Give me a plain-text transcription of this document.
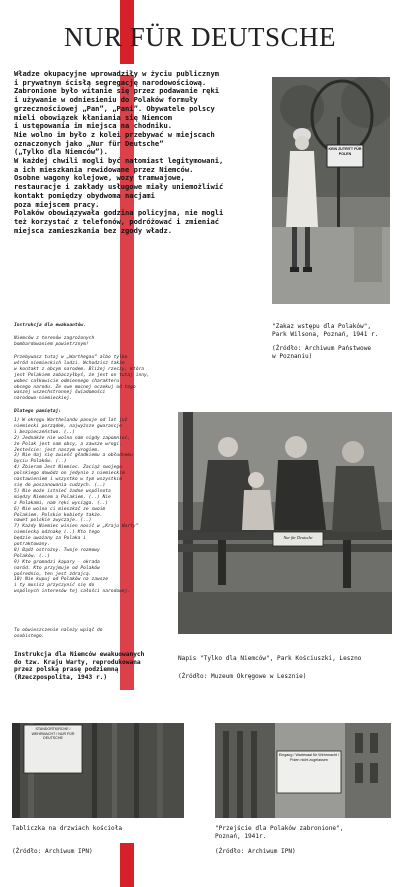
NUR FÜR DEUTSCHE
Władze okupacyjne wprowadziły w życiu publicznym
i prywatnym ścisłą segregację narodowościową.
Zabronione było witanie się przez podawanie ręki
i używanie w odniesieniu do Polaków formuły
grzecznościowej „Pan”, „Pani”. Obywatele polscy
mieli obowiązek kłaniania się Niemcom
i ustępowania im miejsca na chodniku.
Nie wolno im było z kolei przebywać w miejscach
oznaczonych jako „Nur für Deutsche”
(„Tylko dla Niemców”).
W każdej chwili mogli być natomiast legitymowani,
a ich mieszkania rewidowane przez Niemców.
Osobne wagony kolejowe, wozy tramwajowe,
restauracje i zakłady usługowe miały uniemożliwić
kontakt pomiędzy obydwoma nacjami
poza miejscem pracy.
Polaków obowiązywała godzina policyjna, nie mogli
też korzystać z telefonów, podróżować i zmieniać
miejsca zamieszkania bez zgody władz.
KEIN ZUTRITT FÜR POLEN
"Zakaz wstępu dla Polaków",
Park Wilsona, Poznań, 1941 r.
(Źródło: Archiwum Państwowe
w Poznaniu)
Instrukcja dla ewakuantów.
Niemców z terenów zagrożonych
bombardowaniem powietrznym!
Przebywasz tutaj w „Warthegau” albo tylko
wśród niemieckich ludzi. Wchodzisz także
w kontakt z obcym narodem. Bliżej rzeczy, która
jest Polakiem zobaczyłbyś, że jest on tutaj inny,
wobec całkowicie odmiennego charakteru
obcego narodu. Ze swe mocnej oczekuj od tego
waszej wszechstronnej świadomości
narodowo-niemieckiej.
Dlatego pamiętaj:
1) W okręgu Warthelandu panuje od lat już
niemiecki porządek, najwyższe gwarancje
i bezpieczeństwo. (..)
2) Jednakże nie wolno nam nigdy zapomnieć,
że Polak jest nam obcy, a zawsze wrogi.
Jesteście: jest naszym wrogiem.
3) Nie daj się zwieść gładkiemu a obłudnemu
byciu Polaków. (..)
4) Zbieram Jest Niemiec. Zaciąż swojego
polskiego dowódz on jedynie z niemieckim
nastawieniem i wszystko w tym wszystkim
się do poszanowania cudzych. (..)
5) Nie może istnieć żadne wspólnota
między Niemcem a Polakiem. (..) Nie
z Polakami, nam ręki wyciąga. (..)
6) Nie wolno ci mieszkać ze swoim
Polakiem. Polskie kobiety także.
nawet polskie zwyczaje. (..)
7) Każdy Niemiec winien nosić w „Kraju Warty”
niemiecką odznakę (..) Kto tego
będzie uważany za Polaka i
potraktowany.
8) Bądź ostrożny. Twoje rozmowy
Polaków. (..)
9) Kto gromadzi kapary - okrada
naród. Kto przyjmuje od Polaków
pośrednio, ten jest zdrajcą.
10) Nie kupuj od Polaków na zawsze
i ty musisz przyczynić się do
wspólnych interesów tej całości narodowej.
To obwieszczenie należy wpiąć do
osobistego.
Instrukcja dla Niemców ewakuowanych
do tzw. Kraju Warty, reprodukowana
przez polską prasę podziemną
(Rzeczpospolita, 1943 r.)
Nur für Deutsche
Napis "Tylko dla Niemców", Park Kościuszki, Leszno
(Źródło: Muzeum Okręgowe w Lesznie)
STANDORTKIRCHE / WEHRMACHT / NUR FÜR DEUTSCHE
Tabliczka na drzwiach kościoła
(Źródło: Archiwum IPN)
Eingang / Wartesaal für Wehrmacht / Polen nicht zugelassen
"Przejście dla Polaków zabronione",
Poznań, 1941r.
(Źródło: Archiwum IPN)
